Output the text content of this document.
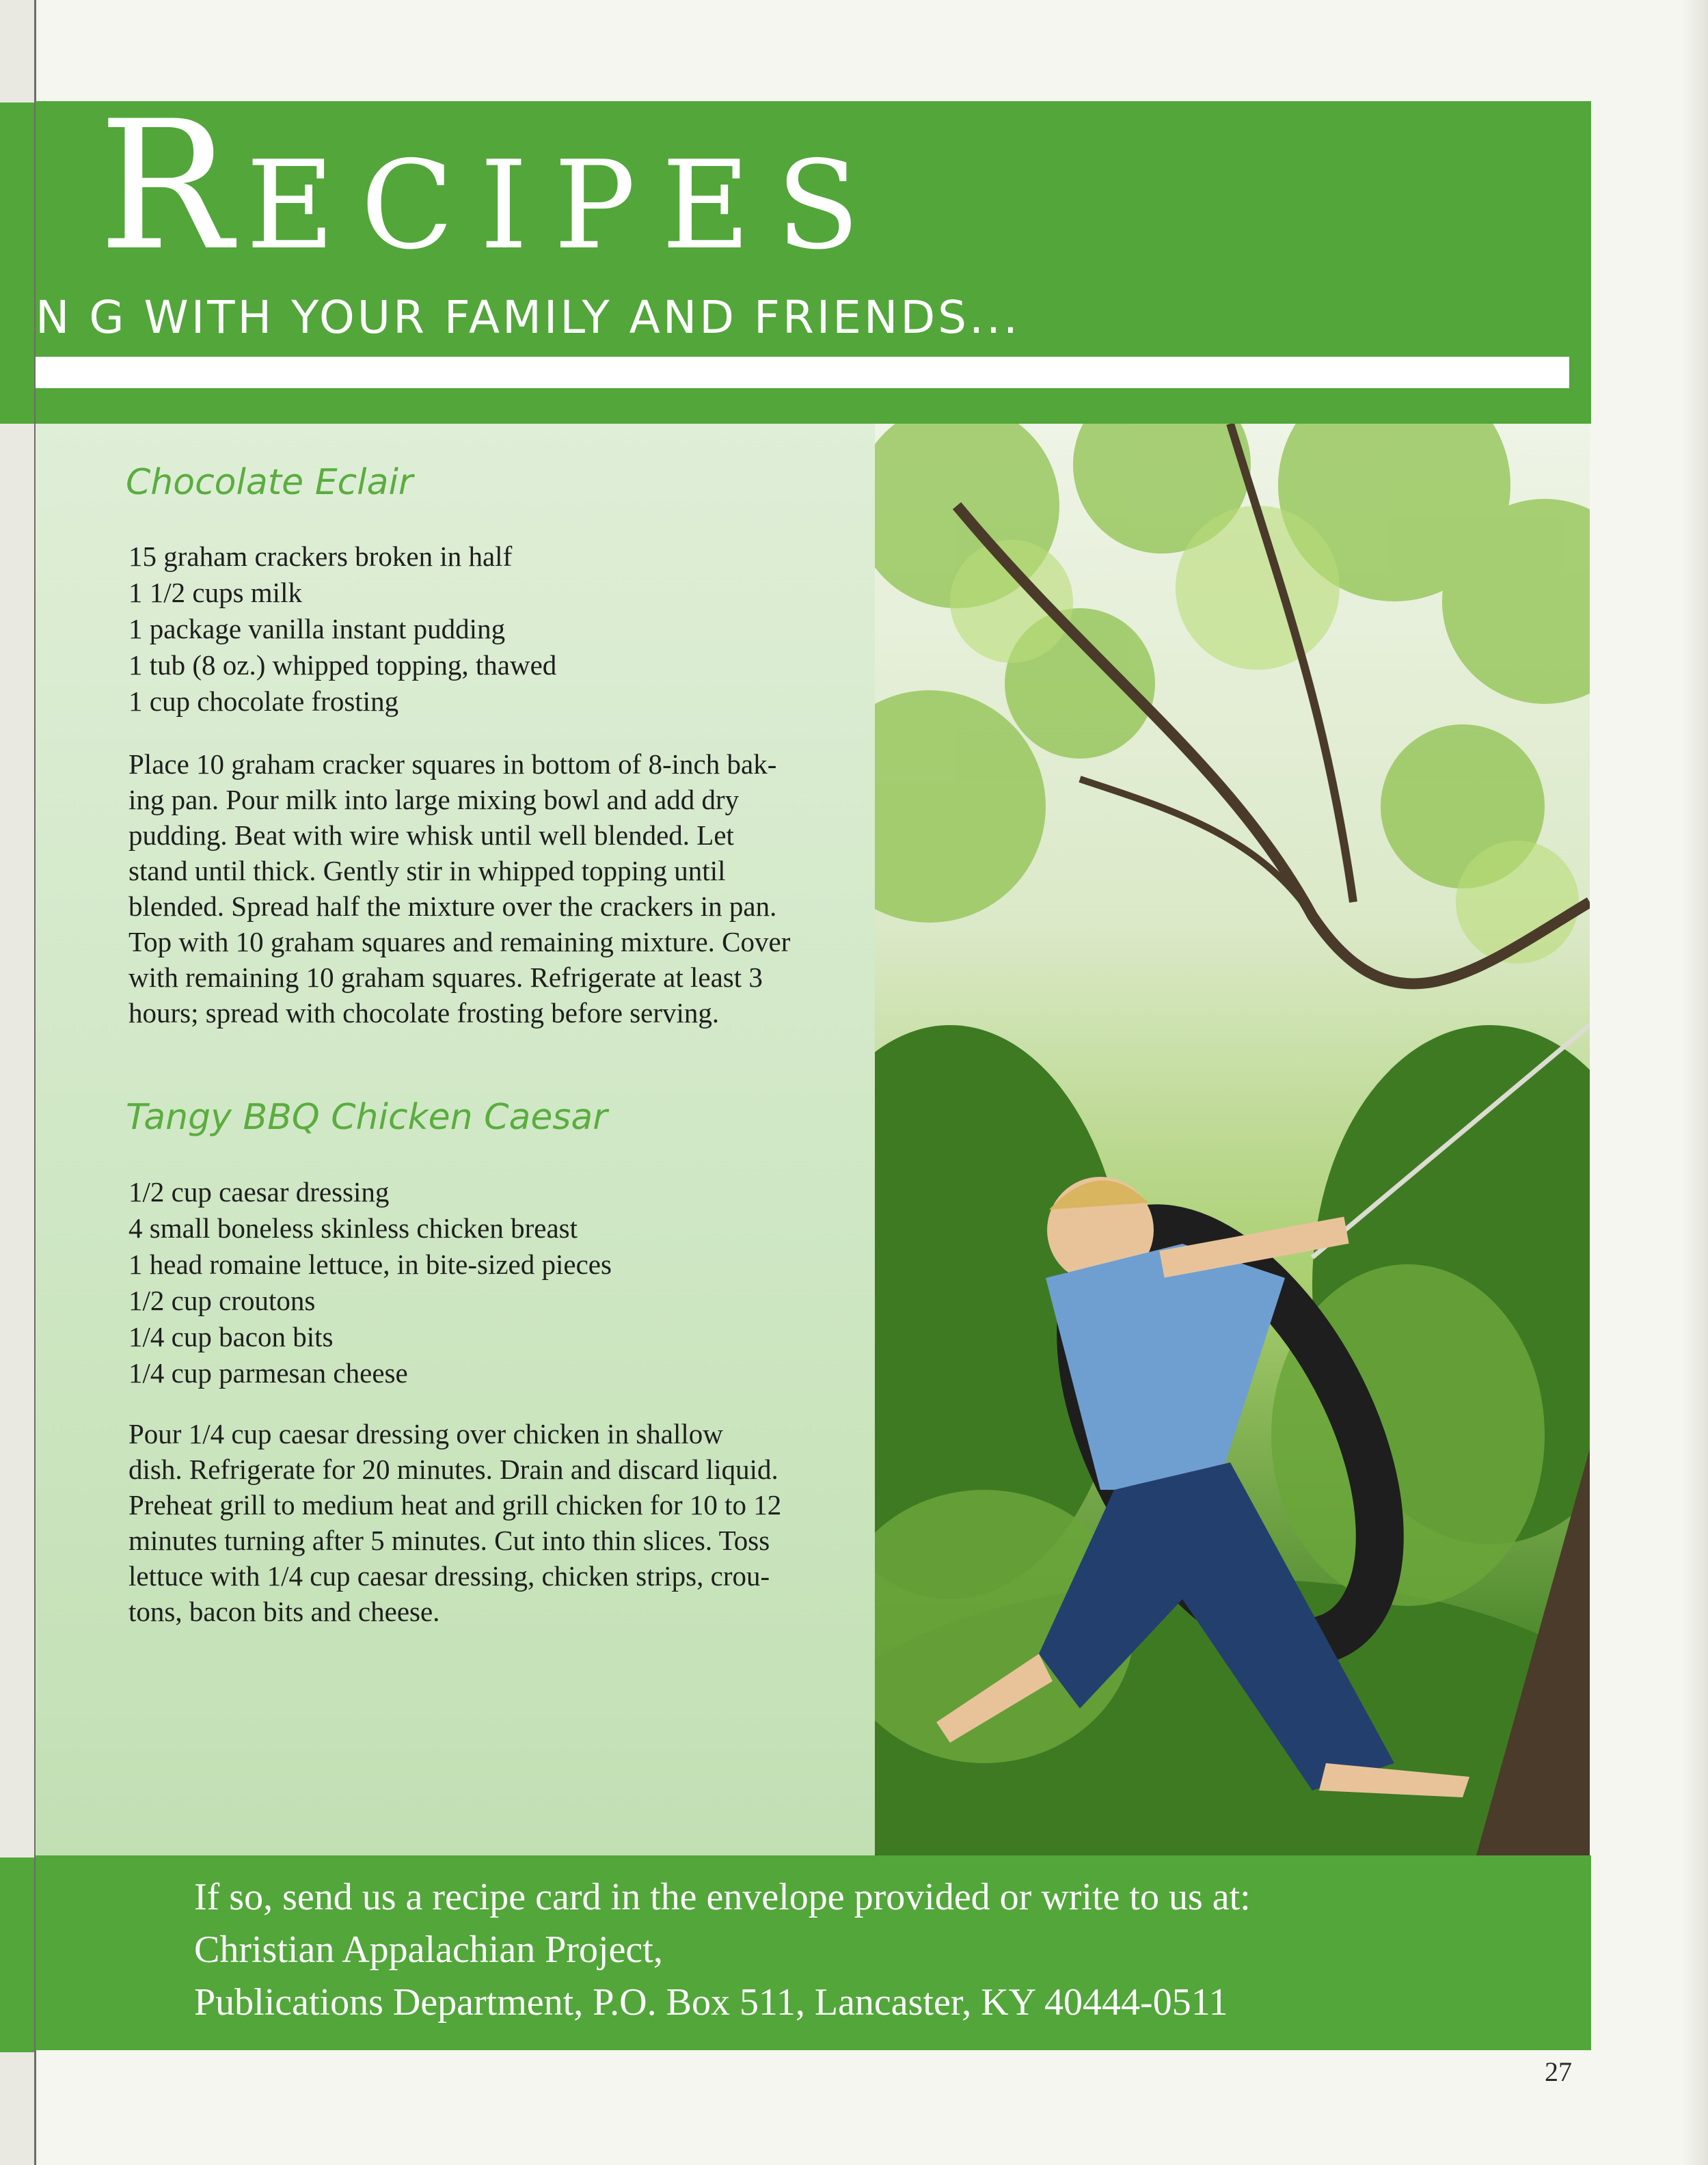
RECIPES
N G WITH YOUR FAMILY AND FRIENDS...
Chocolate Eclair
15 graham crackers broken in half
1 1/2 cups milk
1 package vanilla instant pudding
1 tub (8 oz.) whipped topping, thawed
1 cup chocolate frosting

Place 10 graham cracker squares in bottom of 8-inch bak-
ing pan. Pour milk into large mixing bowl and add dry
pudding. Beat with wire whisk until well blended. Let
stand until thick. Gently stir in whipped topping until
blended. Spread half the mixture over the crackers in pan.
Top with 10 graham squares and remaining mixture. Cover
with remaining 10 graham squares. Refrigerate at least 3
hours; spread with chocolate frosting before serving.

Tangy BBQ Chicken Caesar
1/2 cup caesar dressing
4 small boneless skinless chicken breast
1 head romaine lettuce, in bite-sized pieces
1/2 cup croutons
1/4 cup bacon bits
1/4 cup parmesan cheese

Pour 1/4 cup caesar dressing over chicken in shallow
dish. Refrigerate for 20 minutes. Drain and discard liquid.
Preheat grill to medium heat and grill chicken for 10 to 12
minutes turning after 5 minutes. Cut into thin slices. Toss
lettuce with 1/4 cup caesar dressing, chicken strips, crou-
tons, bacon bits and cheese.

If so, send us a recipe card in the envelope provided or write to us at:
Christian Appalachian Project,
Publications Department, P.O. Box 511, Lancaster, KY 40444-0511

27
